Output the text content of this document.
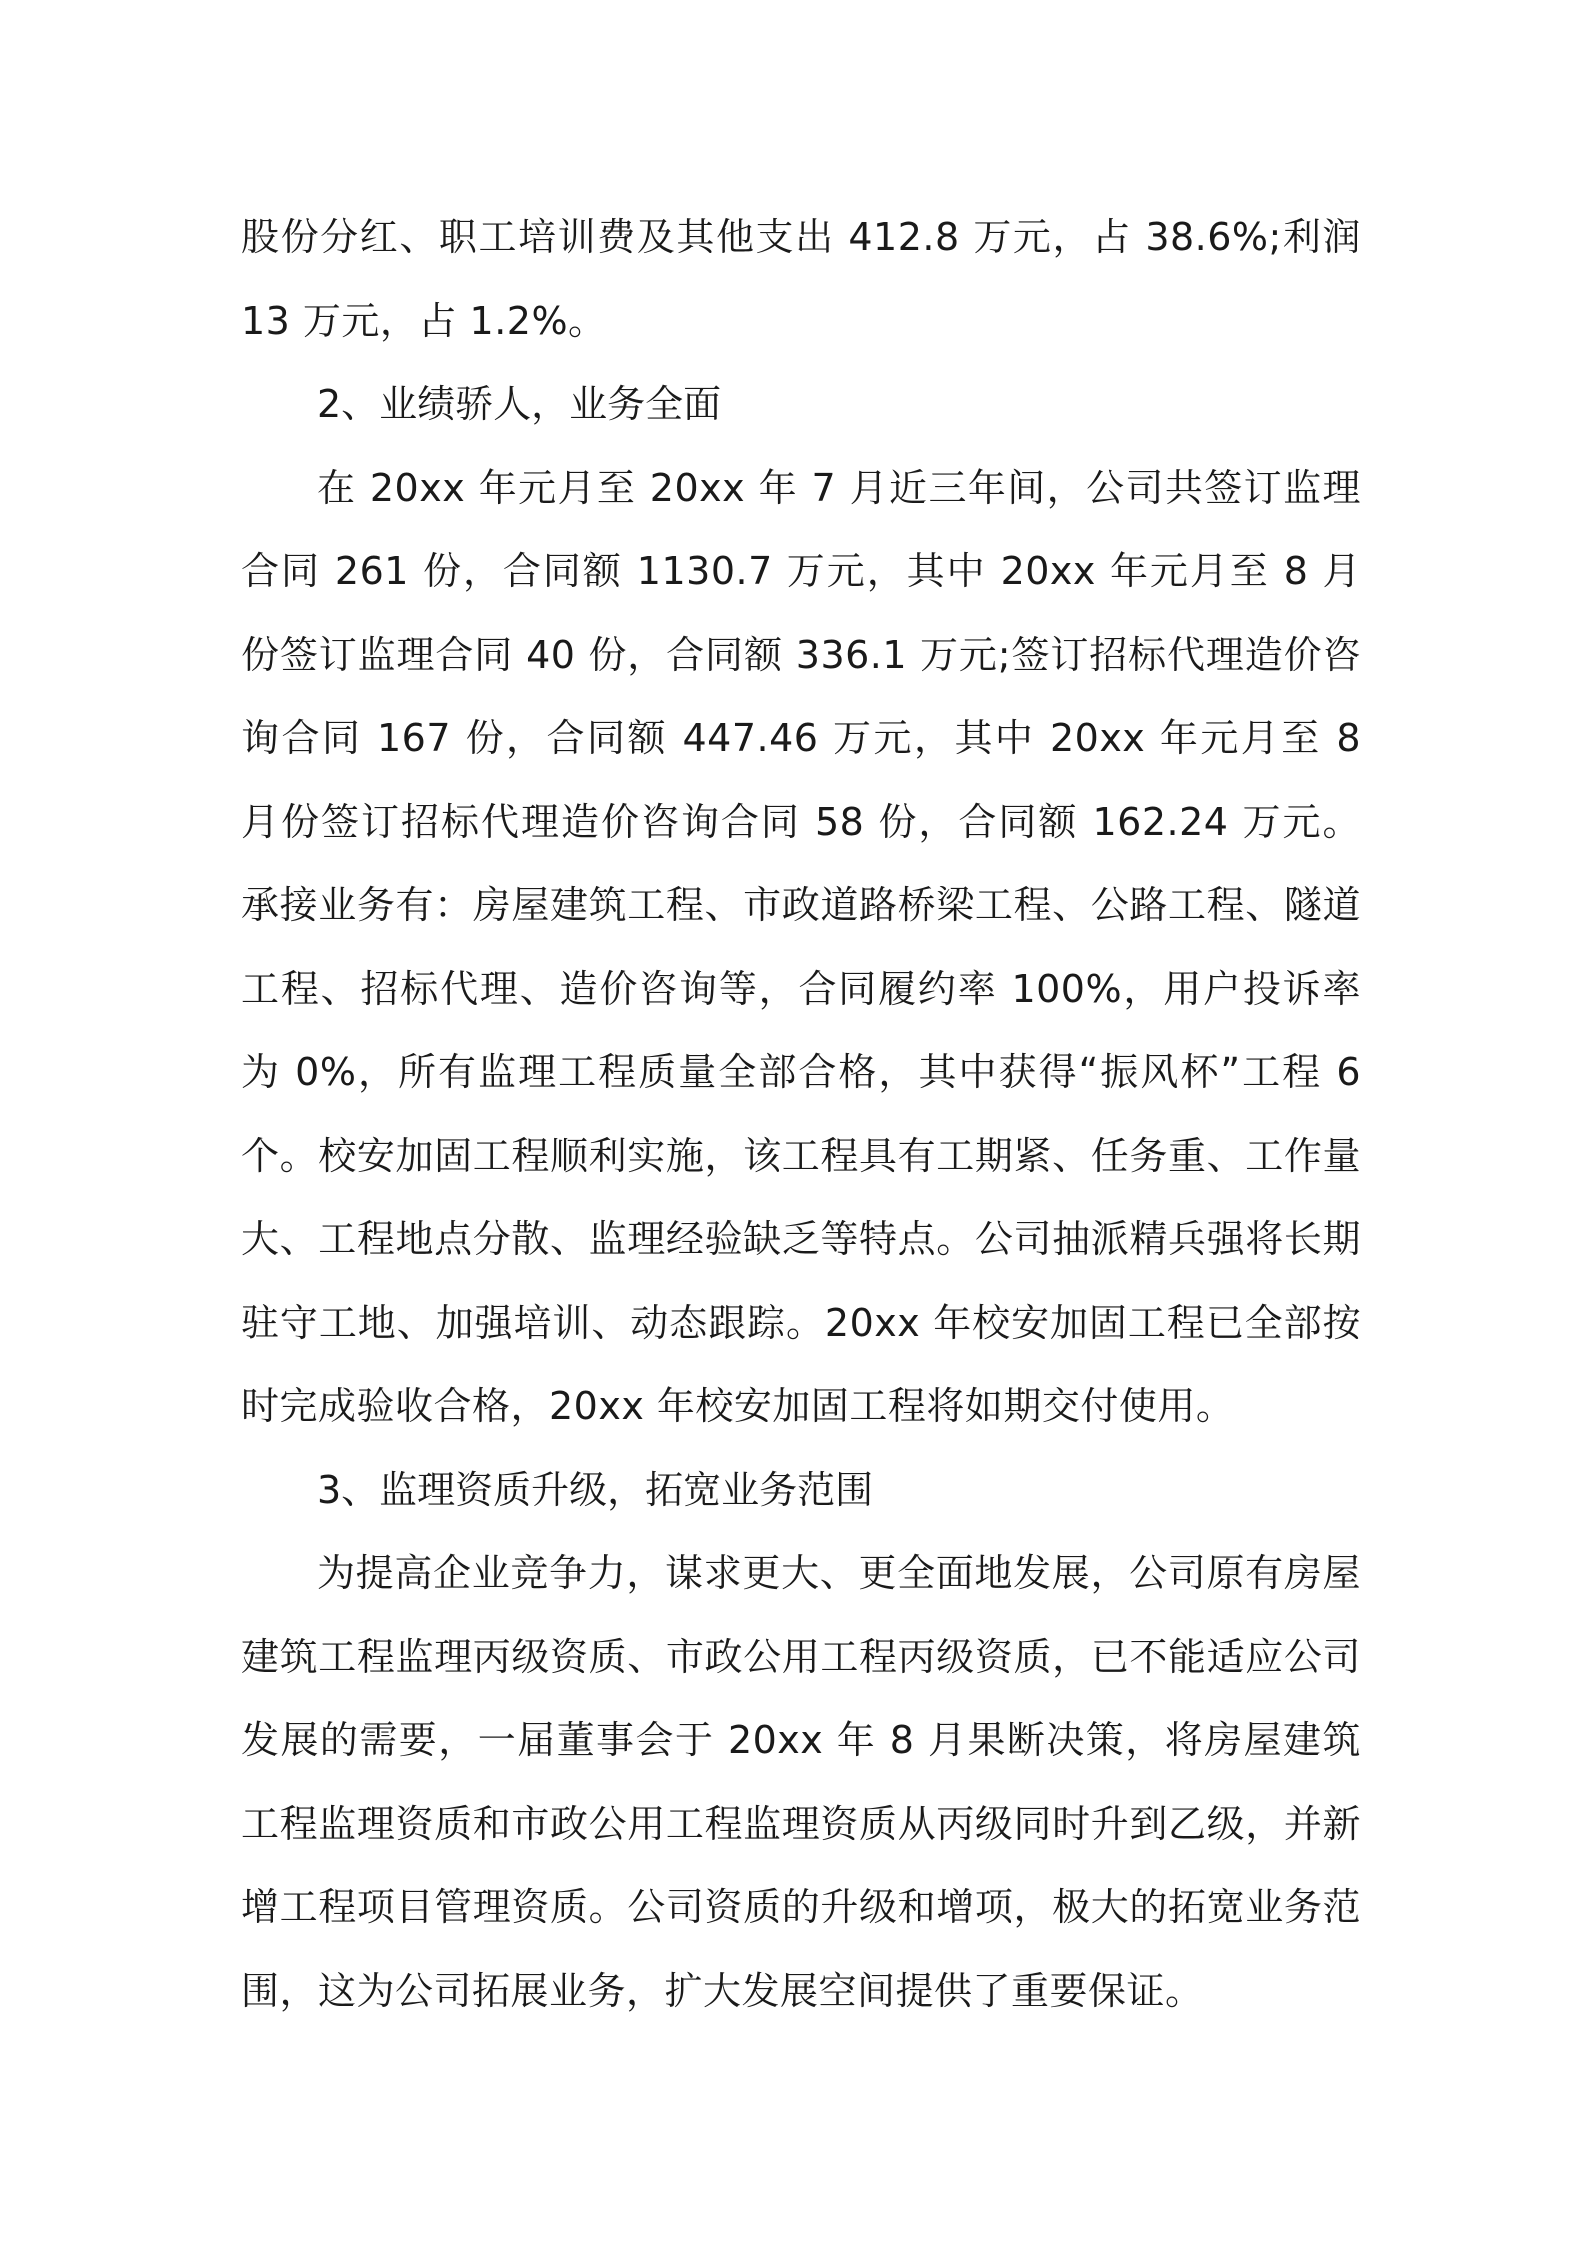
股份分红、职工培训费及其他支出 412.8 万元，占 38.6%;利润 13 万元，占 1.2%。

2、业绩骄人，业务全面

在 20xx 年元月至 20xx 年 7 月近三年间，公司共签订监理合同 261 份，合同额 1130.7 万元，其中 20xx 年元月至 8 月份签订监理合同 40 份，合同额 336.1 万元;签订招标代理造价咨询合同 167 份，合同额 447.46 万元，其中 20xx 年元月至 8 月份签订招标代理造价咨询合同 58 份，合同额 162.24 万元。承接业务有：房屋建筑工程、市政道路桥梁工程、公路工程、隧道工程、招标代理、造价咨询等，合同履约率 100%，用户投诉率为 0%，所有监理工程质量全部合格，其中获得“振风杯”工程 6 个。校安加固工程顺利实施，该工程具有工期紧、任务重、工作量大、工程地点分散、监理经验缺乏等特点。公司抽派精兵强将长期驻守工地、加强培训、动态跟踪。20xx 年校安加固工程已全部按时完成验收合格，20xx 年校安加固工程将如期交付使用。

3、监理资质升级，拓宽业务范围

为提高企业竞争力，谋求更大、更全面地发展，公司原有房屋建筑工程监理丙级资质、市政公用工程丙级资质，已不能适应公司发展的需要，一届董事会于 20xx 年 8 月果断决策，将房屋建筑工程监理资质和市政公用工程监理资质从丙级同时升到乙级，并新增工程项目管理资质。公司资质的升级和增项，极大的拓宽业务范围，这为公司拓展业务，扩大发展空间提供了重要保证。
